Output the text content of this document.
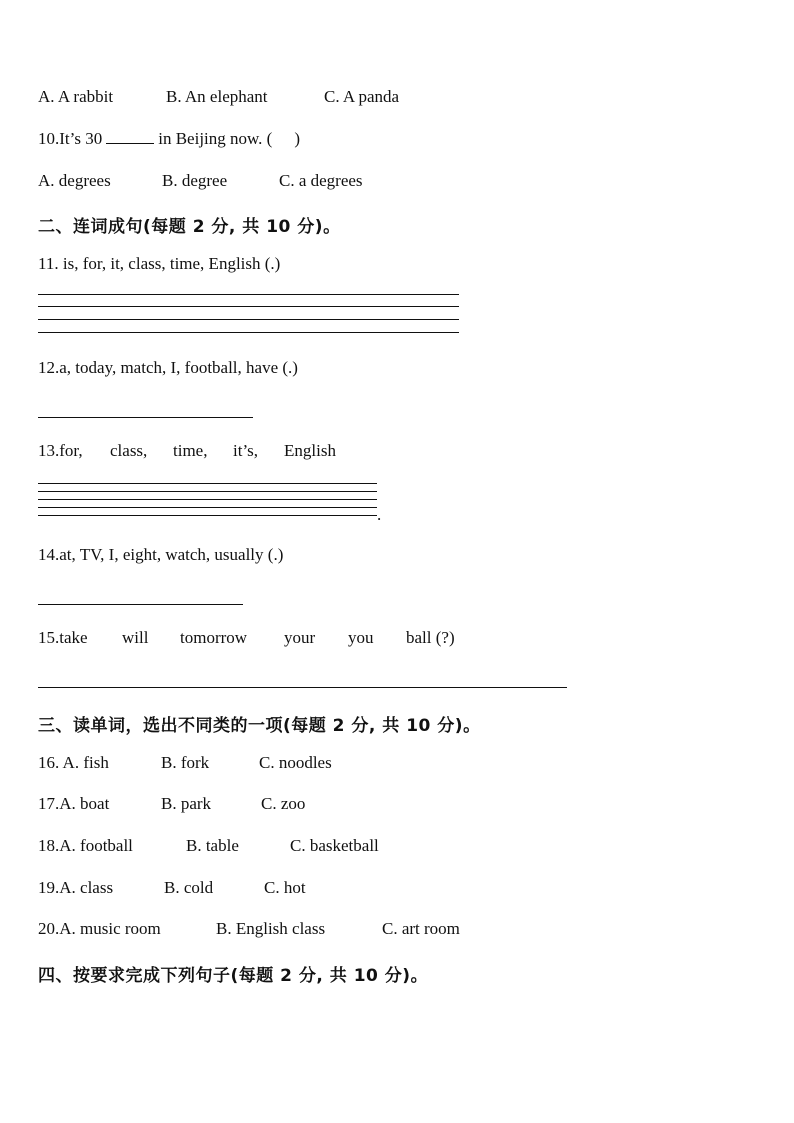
A. A rabbit	B. An elephant	C. A panda
10.It’s 30	in Beijing now. ( )
A. degrees	B. degree	C. a degrees
二、连词成句(每题 2 分, 共 10 分)。
11. is, for, it, class, time, English (.)
12.a, today, match, I, football, have (.)
13.for, class, time, it’s, English
.
14.at, TV, I, eight, watch, usually (.)
15.take will tomorrow your you ball (?)
三、读单词，选出不同类的一项(每题 2 分, 共 10 分)。
16. A. fish	B. fork	C. noodles
17.A. boat	B. park	C. zoo
18.A. football	B. table	C. basketball
19.A. class	B. cold	C. hot
20.A. music room	B. English class	C. art room
四、按要求完成下列句子(每题 2 分, 共 10 分)。
